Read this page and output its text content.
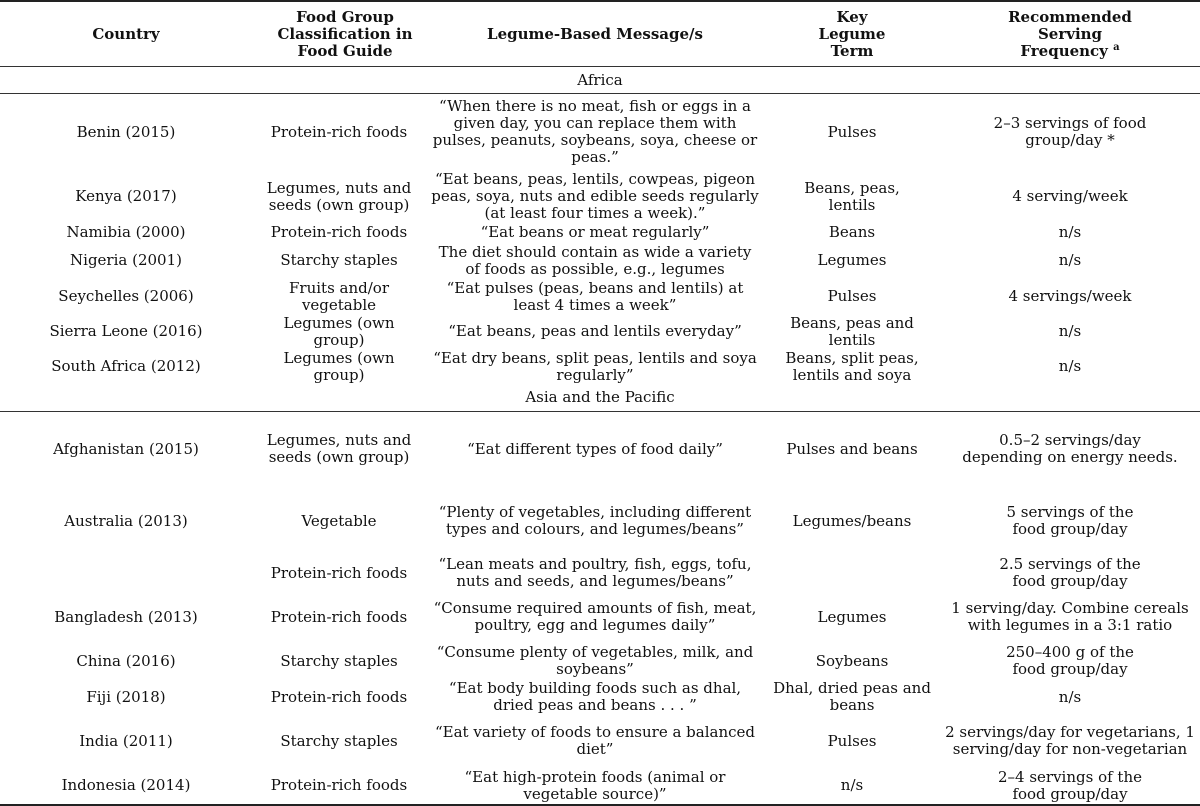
Country	Food Group Classification in Food Guide	Legume-Based Message/s	Key Legume Term	Recommended Serving Frequency $^a$
Africa				
Benin (2015)	Protein-rich foods	“When there is no meat, fish or eggs in a given day, you can replace them with pulses, peanuts, soybeans, soya, cheese or peas.”	Pulses	2–3 servings of food group/day *
Kenya (2017)	Legumes, nuts and seeds (own group)	“Eat beans, peas, lentils, cowpeas, pigeon peas, soya, nuts and edible seeds regularly (at least four times a week).”	Beans, peas, lentils	4 serving/week
Namibia (2000)	Protein-rich foods	“Eat beans or meat regularly”	Beans	n/s
Nigeria (2001)	Starchy staples	The diet should contain as wide a variety of foods as possible, e.g., legumes	Legumes	n/s
Seychelles (2006)	Fruits and/or vegetable	“Eat pulses (peas, beans and lentils) at least 4 times a week”	Pulses	4 servings/week
Sierra Leone (2016)	Legumes (own group)	“Eat beans, peas and lentils everyday”	Beans, peas and lentils	n/s
South Africa (2012)	Legumes (own group)	“Eat dry beans, split peas, lentils and soya regularly”	Beans, split peas, lentils and soya	n/s
Asia and the Pacific				
Afghanistan (2015)	Legumes, nuts and seeds (own group)	“Eat different types of food daily”	Pulses and beans	0.5–2 servings/day depending on energy needs.
Australia (2013)	Vegetable	“Plenty of vegetables, including different types and colours, and legumes/beans”	Legumes/beans	5 servings of the food group/day
	Protein-rich foods	“Lean meats and poultry, fish, eggs, tofu, nuts and seeds, and legumes/beans”		2.5 servings of the food group/day
Bangladesh (2013)	Protein-rich foods	“Consume required amounts of fish, meat, poultry, egg and legumes daily”	Legumes	1 serving/day. Combine cereals with legumes in a 3:1 ratio
China (2016)	Starchy staples	“Consume plenty of vegetables, milk, and soybeans”	Soybeans	250–400 g of the food group/day
Fiji (2018)	Protein-rich foods	“Eat body building foods such as dhal, dried peas and beans . . . ”	Dhal, dried peas and beans	n/s
India (2011)	Starchy staples	“Eat variety of foods to ensure a balanced diet”	Pulses	2 servings/day for vegetarians, 1 serving/day for non-vegetarian
Indonesia (2014)	Protein-rich foods	“Eat high-protein foods (animal or vegetable source)”	n/s	2–4 servings of the food group/day
